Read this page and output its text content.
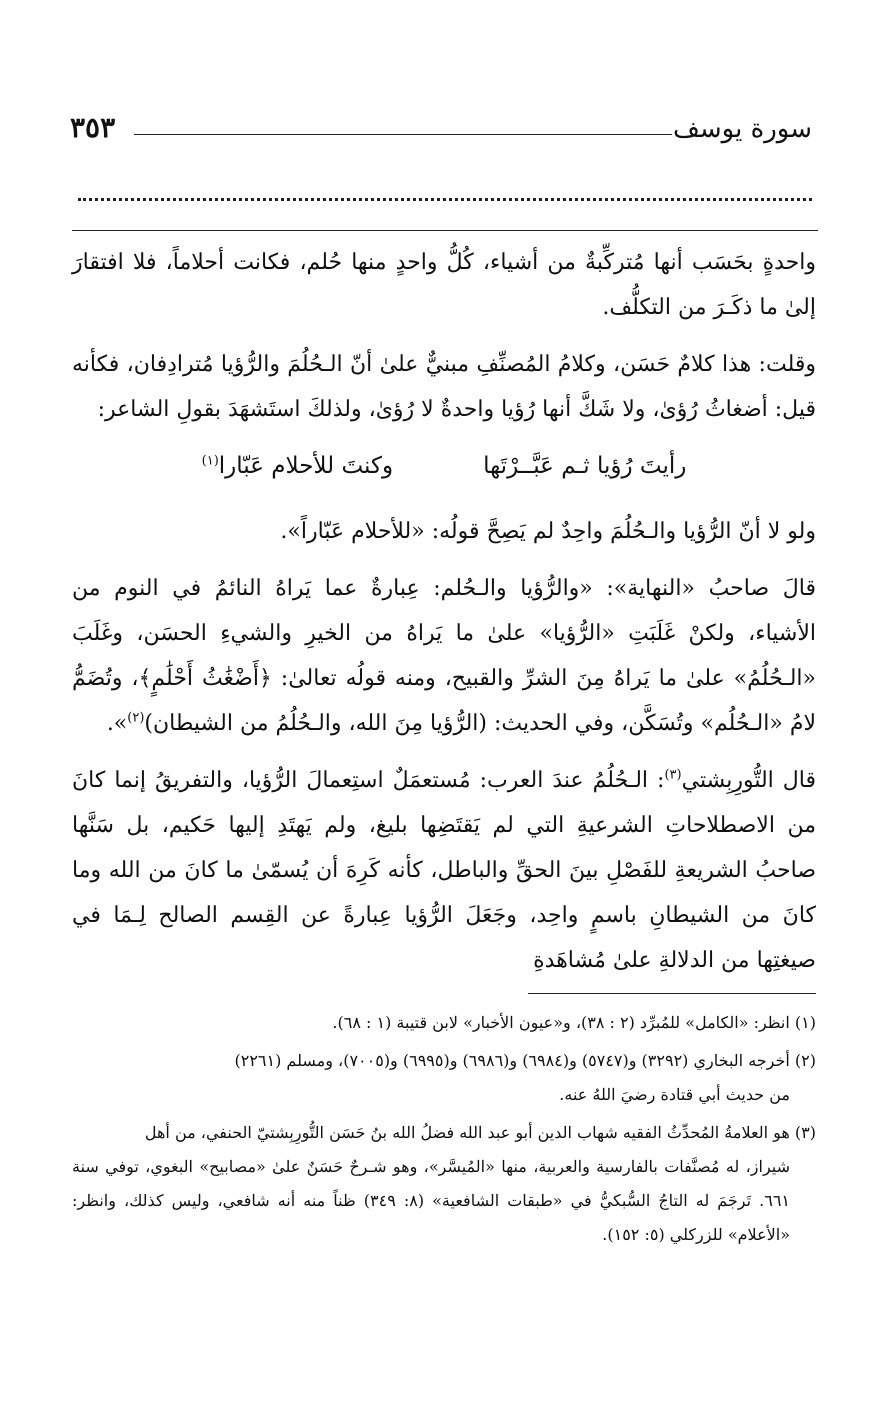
٣٥٣	سورة يوسف

واحدةٍ بحَسَب أنها مُتركِّبةٌ من أشياء، كُلُّ واحدٍ منها حُلم، فكانت أحلاماً، فلا افتقارَ إلىٰ ما ذكَـرَ من التكلُّف.

وقلت: هذا كلامٌ حَسَن، وكلامُ المُصنِّفِ مبنيٌّ علىٰ أنّ الـحُلُمَ والرُّؤيا مُترادِفان، فكأنه قيل: أضغاثُ رُؤىٰ، ولا شَكَّ أنها رُؤيا واحدةٌ لا رُؤىٰ، ولذلكَ استَشهَدَ بقولِ الشاعر:

رأيتَ رُؤيا ثـم عَبَّــرْتَها
وكنتَ للأحلام عَبّارا$^{(١)}$

ولو لا أنّ الرُّؤيا والـحُلُمَ واحِدٌ لم يَصِحَّ قولُه: «للأحلام عَبّاراً».

قالَ صاحبُ «النهاية»: «والرُّؤيا والـحُلم: عِبارةٌ عما يَراهُ النائمُ في النوم من الأشياء، ولكنْ غَلَبَتِ «الرُّؤيا» علىٰ ما يَراهُ من الخيرِ والشيءِ الحسَن، وغَلَبَ «الـحُلُمُ» علىٰ ما يَراهُ مِنَ الشرِّ والقبيح، ومنه قولُه تعالىٰ: ﴿أَضْغَٰثُ أَحْلَٰمٍ﴾، وتُضَمُّ لامُ «الـحُلُم» وتُسَكَّن، وفي الحديث: (الرُّؤيا مِنَ الله، والـحُلُمُ من الشيطان)$^{(٢)}$».

قال التُّورِبِشتي$^{(٣)}$: الـحُلُمُ عندَ العرب: مُستعمَلٌ استِعمالَ الرُّؤيا، والتفريقُ إنما كانَ من الاصطلاحاتِ الشرعيةِ التي لم يَقتَضِها بليغ، ولم يَهتَدِ إليها حَكيم، بل سَنَّها صاحبُ الشريعةِ للفَصْلِ بينَ الحقِّ والباطل، كأنه كَرِهَ أن يُسمّىٰ ما كانَ من الله وما كانَ من الشيطانِ باسمٍ واحِد، وجَعَلَ الرُّؤيا عِبارةً عن القِسم الصالح لِـمَا في صيغتِها من الدلالةِ علىٰ مُشاهَدةِ

(١) انظر: «الكامل» للمُبرِّد (٢ : ٣٨)، و«عيون الأخبار» لابن قتيبة (١ : ٦٨).

(٢) أخرجه البخاري (٣٢٩٢) و(٥٧٤٧) و(٦٩٨٤) و(٦٩٨٦) و(٦٩٩٥) و(٧٠٠٥)، ومسلم (٢٢٦١)

من حديث أبي قتادة رضيَ اللهُ عنه.

(٣) هو العلامةُ المُحدِّثُ الفقيه شهاب الدين أبو عبد الله فضلُ الله بنُ حَسَن التُّورِبِشتيّ الحنفي، من أهل

شيراز، له مُصنَّفات بالفارسية والعربية، منها «المُيسَّر»، وهو شـرحٌ حَسَنٌ علىٰ «مصابيح» البغوي، توفي سنة ٦٦١. تَرجَمَ له التاجُ السُّبكيُّ في «طبقات الشافعية» (٨: ٣٤٩) ظناً منه أنه شافعي، وليس كذلك، وانظر: «الأعلام» للزركلي (٥: ١٥٢).
